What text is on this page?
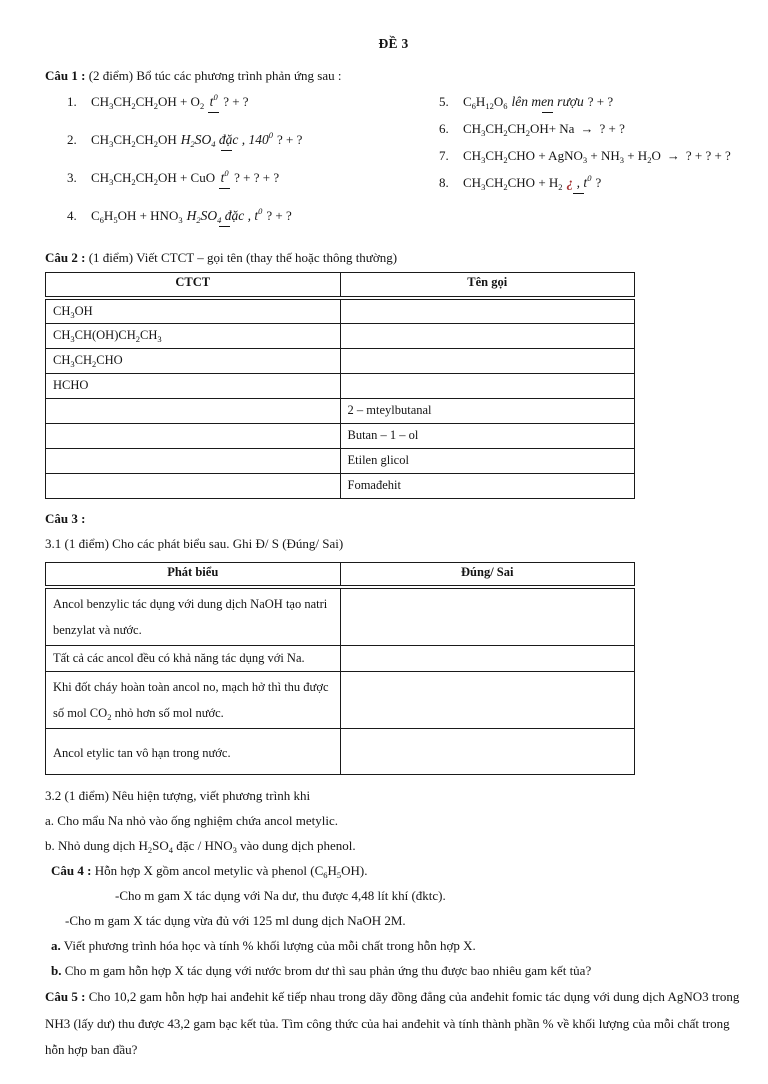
ĐỀ 3

Câu 1 : (2 điểm) Bổ túc các phương trình phản ứng sau :

1.	$CH_3CH_2CH_2OH + O_2$ $t^0$ ? + ?
2.	$CH_3CH_2CH_2OH$ $H_2SO_4$ đặc , $140^0$ ? + ?
3.	$CH_3CH_2CH_2OH$ + CuO $t^0$ ? + ? + ?
4.	$C_6H_5OH + HNO_3$ $H_2SO_4$ đặc , $t^0$ ? + ?
5.	$C_6H_{12}O_6$ lên men rượu ? + ?
6.	$CH_3CH_2CH_2OH+ Na$ → ? + ?
7.	$CH_3CH_2CHO$ + AgNO$_3$ + $NH_3 + H_2O$ → ? + ? + ?
8.	$CH_3CH_2CHO + H_2$ ¿ , $t^0$ ?

Câu 2 : (1 điểm) Viết CTCT – gọi tên (thay thế hoặc thông thường)

CTCT	Tên gọi
$CH_3OH$	
$CH_3CH(OH)CH_2CH_3$	
$CH_3CH_2CHO$	
HCHO	
	2 – mteylbutanal
	Butan – 1 – ol
	Etilen glicol
	Fomađehit

Câu 3 :

3.1 (1 điểm) Cho các phát biểu sau. Ghi Đ/ S (Đúng/ Sai)

Phát biểu	Đúng/ Sai
Ancol benzylic tác dụng với dung dịch NaOH tạo natri benzylat và nước.	
Tất cả các ancol đều có khả năng tác dụng với Na.	
Khi đốt cháy hoàn toàn ancol no, mạch hở thì thu được số mol $CO_2$ nhỏ hơn số mol nước.	
Ancol etylic tan vô hạn trong nước.	

3.2 (1 điểm) Nêu hiện tượng, viết phương trình khi

a. Cho mẩu Na nhỏ vào ống nghiệm chứa ancol metylic.

b. Nhỏ dung dịch $H_2SO_4$ đặc / $HNO_3$ vào dung dịch phenol.

Câu 4 : Hỗn hợp X gồm ancol metylic và phenol $(C_6H_5OH)$.

-Cho m gam X tác dụng với Na dư, thu được 4,48 lít khí (đktc).

-Cho m gam X tác dụng vừa đủ với 125 ml dung dịch NaOH 2M.

a. Viết phương trình hóa học và tính % khối lượng của mỗi chất trong hỗn hợp X.

b. Cho m gam hỗn hợp X tác dụng với nước brom dư thì sau phản ứng thu được bao nhiêu gam kết tủa?

Câu 5 : Cho 10,2 gam hỗn hợp hai anđehit kế tiếp nhau trong dãy đồng đẳng của anđehit fomic tác dụng với dung dịch AgNO3 trong NH3 (lấy dư) thu được 43,2 gam bạc kết tủa. Tìm công thức của hai anđehit và tính thành phần % về khối lượng của mỗi chất trong hỗn hợp ban đầu?
